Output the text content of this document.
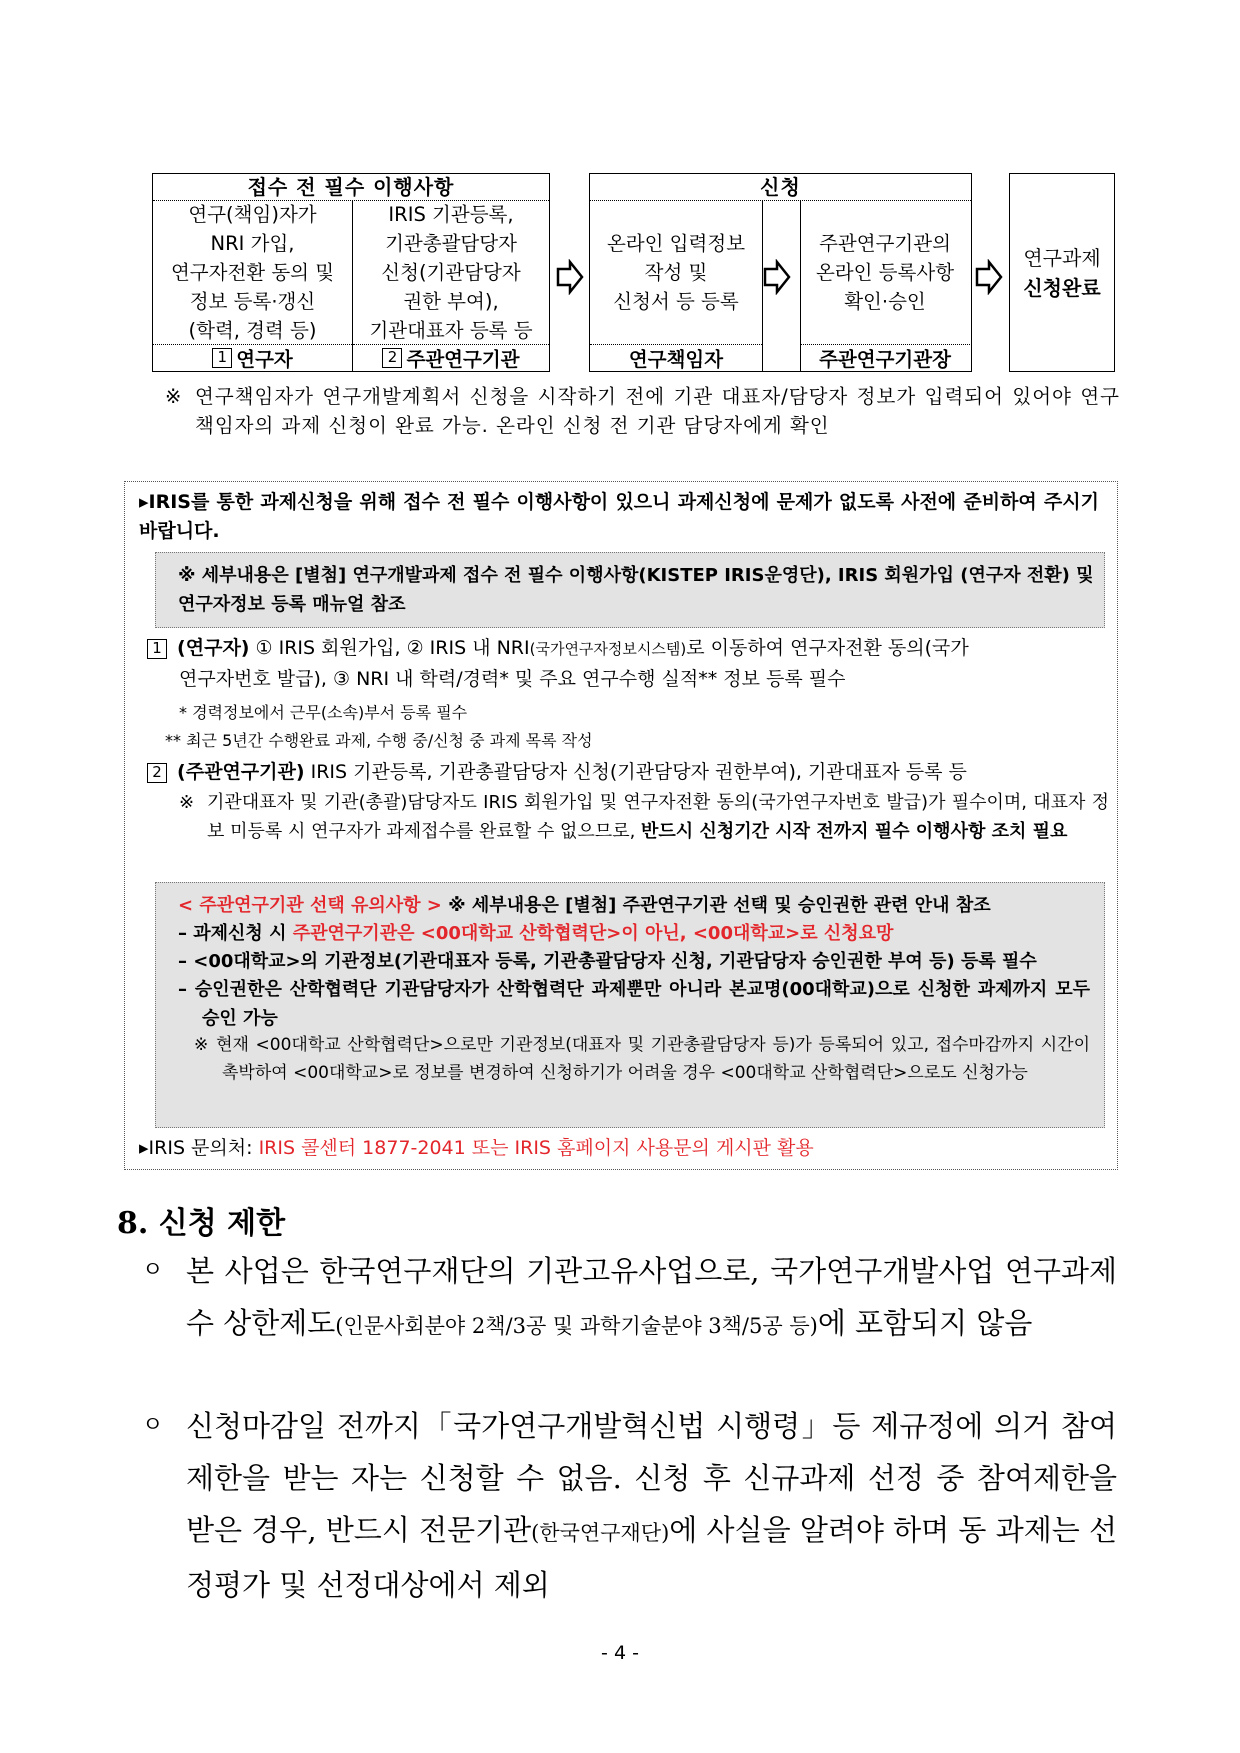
접수 전 필수 이행사항
연구(책임)자가
NRI 가입,
연구자전환 동의 및
정보 등록·갱신
(학력, 경력 등)
IRIS 기관등록,
기관총괄담당자
신청(기관담당자
권한 부여),
기관대표자 등록 등
1 연구자	2 주관연구기관
신청
온라인 입력정보
작성 및
신청서 등 등록
주관연구기관의
온라인 등록사항
확인·승인
연구책임자	주관연구기관장
연구과제
신청완료
※ 연구책임자가 연구개발계획서 신청을 시작하기 전에 기관 대표자/담당자 정보가 입력되어 있어야 연구책임자의 과제 신청이 완료 가능. 온라인 신청 전 기관 담당자에게 확인
▸IRIS를 통한 과제신청을 위해 접수 전 필수 이행사항이 있으니 과제신청에 문제가 없도록 사전에 준비하여 주시기 바랍니다.
※ 세부내용은 [별첨] 연구개발과제 접수 전 필수 이행사항(KISTEP IRIS운영단), IRIS 회원가입 (연구자 전환) 및 연구자정보 등록 매뉴얼 참조
1 (연구자) ① IRIS 회원가입, ② IRIS 내 NRI(국가연구자정보시스템)로 이동하여 연구자전환 동의(국가
연구자번호 발급), ③ NRI 내 학력/경력* 및 주요 연구수행 실적** 정보 등록 필수
* 경력정보에서 근무(소속)부서 등록 필수
** 최근 5년간 수행완료 과제, 수행 중/신청 중 과제 목록 작성
2 (주관연구기관) IRIS 기관등록, 기관총괄담당자 신청(기관담당자 권한부여), 기관대표자 등록 등
※ 기관대표자 및 기관(총괄)담당자도 IRIS 회원가입 및 연구자전환 동의(국가연구자번호 발급)가 필수이며, 대표자 정보 미등록 시 연구자가 과제접수를 완료할 수 없으므로, 반드시 신청기간 시작 전까지 필수 이행사항 조치 필요
< 주관연구기관 선택 유의사항 > ※ 세부내용은 [별첨] 주관연구기관 선택 및 승인권한 관련 안내 참조
– 과제신청 시 주관연구기관은 <00대학교 산학협력단>이 아닌, <00대학교>로 신청요망
– <00대학교>의 기관정보(기관대표자 등록, 기관총괄담당자 신청, 기관담당자 승인권한 부여 등) 등록 필수
– 승인권한은 산학협력단 기관담당자가 산학협력단 과제뿐만 아니라 본교명(00대학교)으로 신청한 과제까지 모두 승인 가능
※ 현재 <00대학교 산학협력단>으로만 기관정보(대표자 및 기관총괄담당자 등)가 등록되어 있고, 접수마감까지 시간이 촉박하여 <00대학교>로 정보를 변경하여 신청하기가 어려울 경우 <00대학교 산학협력단>으로도 신청가능
▸IRIS 문의처: IRIS 콜센터 1877-2041 또는 IRIS 홈페이지 사용문의 게시판 활용
8. 신청 제한
ㅇ 본 사업은 한국연구재단의 기관고유사업으로, 국가연구개발사업 연구과제 수 상한제도(인문사회분야 2책/3공 및 과학기술분야 3책/5공 등)에 포함되지 않음
ㅇ 신청마감일 전까지「국가연구개발혁신법 시행령」등 제규정에 의거 참여제한을 받는 자는 신청할 수 없음. 신청 후 신규과제 선정 중 참여제한을 받은 경우, 반드시 전문기관(한국연구재단)에 사실을 알려야 하며 동 과제는 선정평가 및 선정대상에서 제외
- 4 -
